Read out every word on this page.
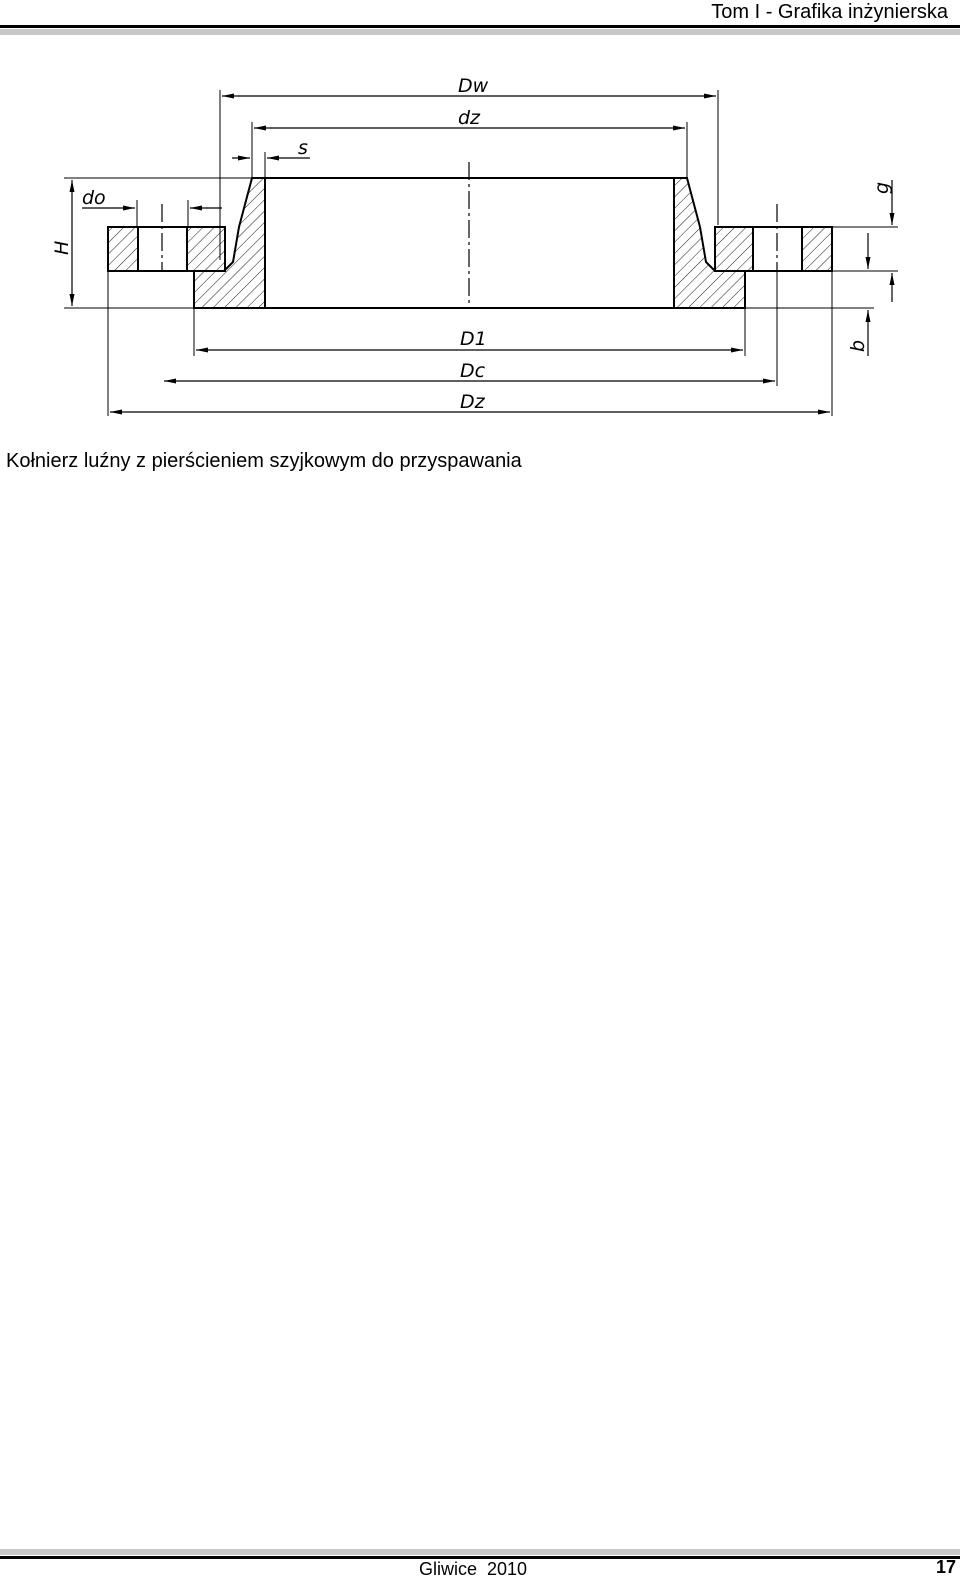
Tom I - Grafika inżynierska
Dw
dz
s
do
H
g
b
D1
Dc
Dz
Kołnierz luźny z pierścieniem szyjkowym do przyspawania
Gliwice  2010	17
